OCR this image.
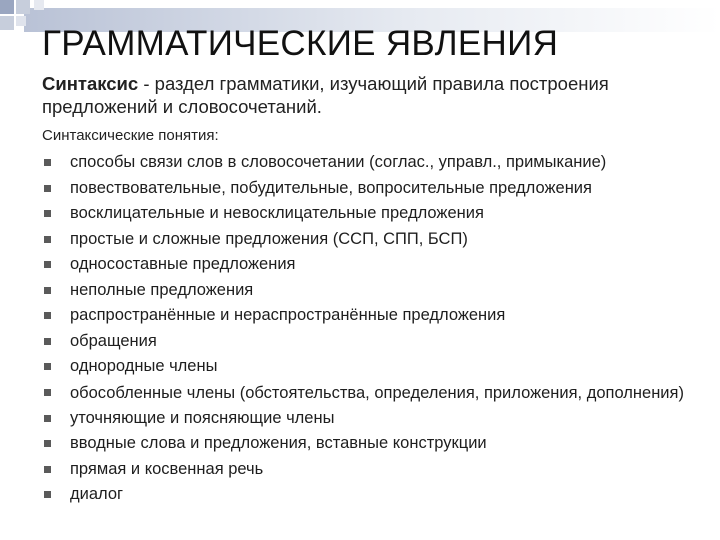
ГРАММАТИЧЕСКИЕ ЯВЛЕНИЯ

Синтаксис - раздел грамматики, изучающий правила построения предложений и словосочетаний.

Синтаксические понятия:

способы связи слов в словосочетании (соглас., управл., примыкание)
повествовательные, побудительные, вопросительные предложения
восклицательные и невосклицательные предложения
простые и сложные предложения (ССП, СПП, БСП)
односоставные предложения
неполные предложения
распространённые и нераспространённые предложения
обращения
однородные члены
обособленные члены (обстоятельства, определения, приложения, дополнения)
уточняющие и поясняющие члены
вводные слова и предложения, вставные конструкции
прямая и косвенная речь
диалог
